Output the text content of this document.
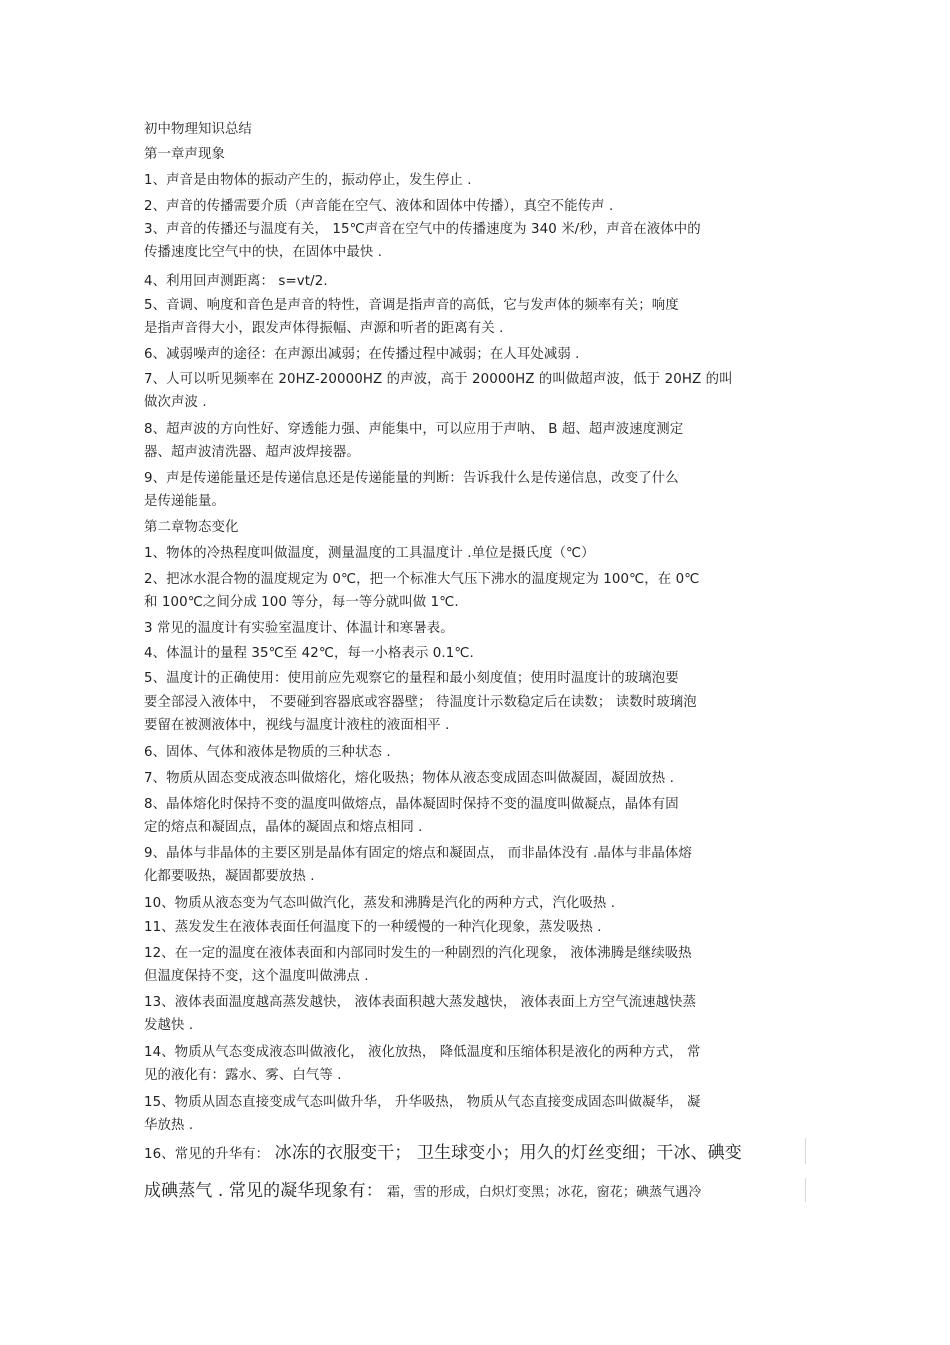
初中物理知识总结
第一章声现象
1、声音是由物体的振动产生的，振动停止，发生停止 .
2、声音的传播需要介质（声音能在空气、液体和固体中传播），真空不能传声 .
3、声音的传播还与温度有关， 15℃声音在空气中的传播速度为 340 米/秒，声音在液体中的
传播速度比空气中的快，在固体中最快 .
4、利用回声测距离： s=vt/2.
5、音调、响度和音色是声音的特性，音调是指声音的高低，它与发声体的频率有关；响度
是指声音得大小，跟发声体得振幅、声源和听者的距离有关 .
6、减弱噪声的途径：在声源出减弱；在传播过程中减弱；在人耳处减弱 .
7、人可以听见频率在 20HZ-20000HZ 的声波，高于 20000HZ 的叫做超声波，低于 20HZ 的叫
做次声波 .
8、超声波的方向性好、穿透能力强、声能集中，可以应用于声呐、 B 超、超声波速度测定
器、超声波清洗器、超声波焊接器。
9、声是传递能量还是传递信息还是传递能量的判断：告诉我什么是传递信息，改变了什么
是传递能量。
第二章物态变化
1、物体的冷热程度叫做温度，测量温度的工具温度计 .单位是摄氏度（℃）
2、把冰水混合物的温度规定为 0℃，把一个标准大气压下沸水的温度规定为 100℃，在 0℃
和 100℃之间分成 100 等分，每一等分就叫做 1℃.
3 常见的温度计有实验室温度计、体温计和寒暑表。
4、体温计的量程 35℃至 42℃，每一小格表示 0.1℃.
5、温度计的正确使用：使用前应先观察它的量程和最小刻度值；使用时温度计的玻璃泡要
要全部浸入液体中， 不要碰到容器底或容器壁； 待温度计示数稳定后在读数； 读数时玻璃泡
要留在被测液体中，视线与温度计液柱的液面相平 .
6、固体、气体和液体是物质的三种状态 .
7、物质从固态变成液态叫做熔化，熔化吸热；物体从液态变成固态叫做凝固，凝固放热 .
8、晶体熔化时保持不变的温度叫做熔点，晶体凝固时保持不变的温度叫做凝点，晶体有固
定的熔点和凝固点，晶体的凝固点和熔点相同 .
9、晶体与非晶体的主要区别是晶体有固定的熔点和凝固点， 而非晶体没有 .晶体与非晶体熔
化都要吸热，凝固都要放热 .
10、物质从液态变为气态叫做汽化，蒸发和沸腾是汽化的两种方式，汽化吸热 .
11、蒸发发生在液体表面任何温度下的一种缓慢的一种汽化现象，蒸发吸热 .
12、在一定的温度在液体表面和内部同时发生的一种剧烈的汽化现象， 液体沸腾是继续吸热
但温度保持不变，这个温度叫做沸点 .
13、液体表面温度越高蒸发越快， 液体表面积越大蒸发越快， 液体表面上方空气流速越快蒸
发越快 .
14、物质从气态变成液态叫做液化， 液化放热， 降低温度和压缩体积是液化的两种方式， 常
见的液化有：露水、雾、白气等 .
15、物质从固态直接变成气态叫做升华， 升华吸热， 物质从气态直接变成固态叫做凝华， 凝
华放热 .
16、常见的升华有： 冰冻的衣服变干； 卫生球变小；用久的灯丝变细；干冰、碘变
成碘蒸气 . 常见的凝华现象有： 霜，雪的形成，白炽灯变黑；冰花，窗花；碘蒸气遇冷
